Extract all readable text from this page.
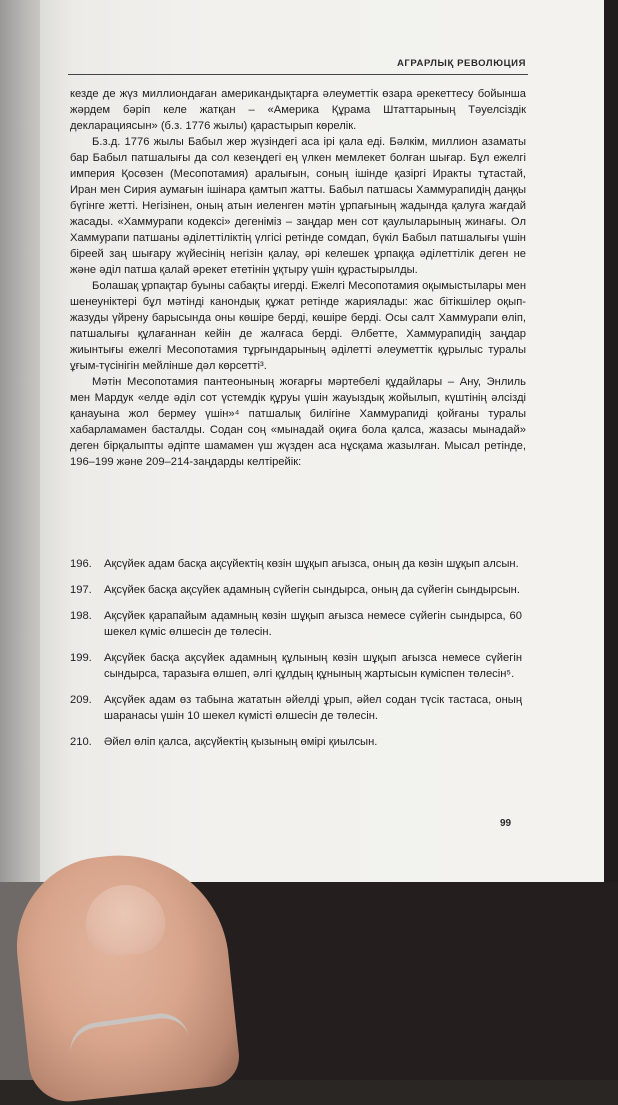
АГРАРЛЫҚ РЕВОЛЮЦИЯ

кезде де жүз миллиондаған американдықтарға әлеуметтік өзара әрекеттесу бойынша жәрдем бәріп келе жатқан – «Америка Құрама Штаттарының Тәуелсіздік декларациясын» (б.з. 1776 жылы) қарастырып көрелік.

Б.з.д. 1776 жылы Бабыл жер жүзіндегі аса ірі қала еді. Бәлкім, миллион азаматы бар Бабыл патшалығы да сол кезеңдегі ең үлкен мемлекет болған шығар. Бұл ежелгі империя Қосөзен (Месопотамия) аралығын, соның ішінде қазіргі Иракты тұтастай, Иран мен Сирия аумағын ішінара қамтып жатты. Бабыл патшасы Хаммурапидің даңқы бүгінге жетті. Негізінен, оның атын иеленген мәтін ұрпағының жадында қалуға жағдай жасады. «Хаммурапи кодексі» дегеніміз – заңдар мен сот қаулыларының жинағы. Ол Хаммурапи патшаны әділеттіліктің үлгісі ретінде сомдап, бүкіл Бабыл патшалығы үшін біреей заң шығару жүйесінің негізін қалау, әрі келешек ұрпаққа әділеттілік деген не және әділ патша қалай әрекет ететінін ұқтыру үшін құрастырылды.

Болашақ ұрпақтар буыны сабақты игерді. Ежелгі Месопотамия оқымыстылары мен шенеуніктері бұл мәтінді канондық құжат ретінде жариялады: жас бітікшілер оқып-жазуды үйрену барысында оны көшіре берді, көшіре берді. Осы салт Хаммурапи өліп, патшалығы құлағаннан кейін де жалғаса берді. Әлбетте, Хаммурапидің заңдар жиынтығы ежелгі Месопотамия тұрғындарының әділетті әлеуметтік құрылыс туралы ұғым-түсінігін мейлінше дәл көрсетті³.

Мәтін Месопотамия пантеонының жоғарғы мәртебелі құдайлары – Ану, Энлиль мен Мардук «елде әділ сот үстемдік құруы үшін жауыздық жойылып, күштінің әлсізді қанауына жол бермеу үшін»⁴ патшалық билігіне Хаммурапиді қойғаны туралы хабарламамен басталды. Содан соң «мынадай оқиға бола қалса, жазасы мынадай» деген бірқалыпты әдіпте шамамен үш жүзден аса нұсқама жазылған. Мысал ретінде, 196–199 және 209–214-заңдарды келтірейік:

196.	Ақсүйек адам басқа ақсүйектің көзін шұқып ағызса, оның да көзін шұқып алсын.
197.	Ақсүйек басқа ақсүйек адамның сүйегін сындырса, оның да сүйегін сындырсын.
198.	Ақсүйек қарапайым адамның көзін шұқып ағызса немесе сүйегін сындырса, 60 шекел күміс өлшесін де төлесін.
199.	Ақсүйек басқа ақсүйек адамның құлының көзін шұқып ағызса немесе сүйегін сындырса, таразыға өлшеп, әлгі құлдың құнының жартысын күміспен төлесін⁵.
209.	Ақсүйек адам өз табына жататын әйелді ұрып, әйел содан түсік тастаса, оның шаранасы үшін 10 шекел күмісті өлшесін де төлесін.
210.	Әйел өліп қалса, ақсүйектің қызының өмірі қиылсын.
99
